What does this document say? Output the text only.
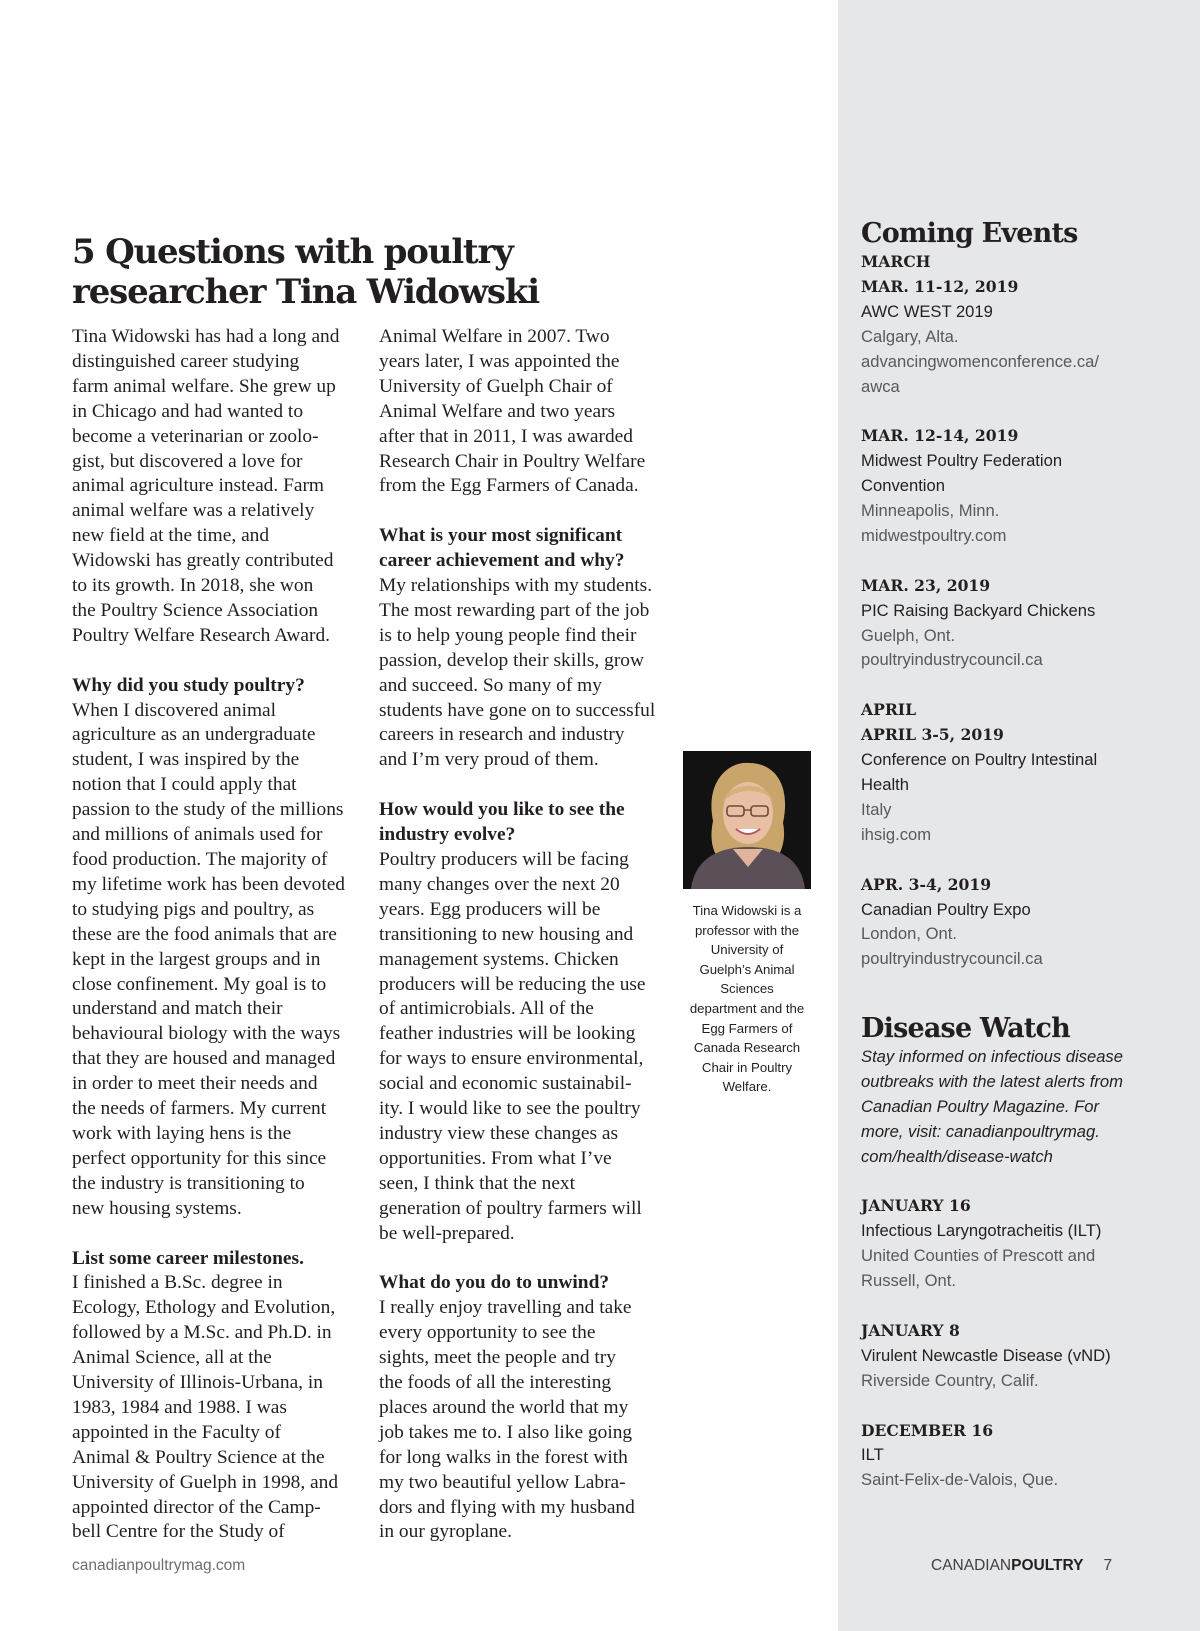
5 Questions with poultry
researcher Tina Widowski

Tina Widowski has had a long and
distinguished career studying
farm animal welfare. She grew up
in Chicago and had wanted to
become a veterinarian or zoolo-
gist, but discovered a love for
animal agriculture instead. Farm
animal welfare was a relatively
new field at the time, and
Widowski has greatly contributed
to its growth. In 2018, she won
the Poultry Science Association
Poultry Welfare Research Award.

Why did you study poultry?

When I discovered animal
agriculture as an undergraduate
student, I was inspired by the
notion that I could apply that
passion to the study of the millions
and millions of animals used for
food production. The majority of
my lifetime work has been devoted
to studying pigs and poultry, as
these are the food animals that are
kept in the largest groups and in
close confinement. My goal is to
understand and match their
behavioural biology with the ways
that they are housed and managed
in order to meet their needs and
the needs of farmers. My current
work with laying hens is the
perfect opportunity for this since
the industry is transitioning to
new housing systems.

List some career milestones.

I finished a B.Sc. degree in
Ecology, Ethology and Evolution,
followed by a M.Sc. and Ph.D. in
Animal Science, all at the
University of Illinois-Urbana, in
1983, 1984 and 1988. I was
appointed in the Faculty of
Animal & Poultry Science at the
University of Guelph in 1998, and
appointed director of the Camp-
bell Centre for the Study of

Animal Welfare in 2007. Two
years later, I was appointed the
University of Guelph Chair of
Animal Welfare and two years
after that in 2011, I was awarded
Research Chair in Poultry Welfare
from the Egg Farmers of Canada.

What is your most significant
career achievement and why?

My relationships with my students.
The most rewarding part of the job
is to help young people find their
passion, develop their skills, grow
and succeed. So many of my
students have gone on to successful
careers in research and industry
and I’m very proud of them.

How would you like to see the
industry evolve?

Poultry producers will be facing
many changes over the next 20
years. Egg producers will be
transitioning to new housing and
management systems. Chicken
producers will be reducing the use
of antimicrobials. All of the
feather industries will be looking
for ways to ensure environmental,
social and economic sustainabil-
ity. I would like to see the poultry
industry view these changes as
opportunities. From what I’ve
seen, I think that the next
generation of poultry farmers will
be well-prepared.

What do you do to unwind?

I really enjoy travelling and take
every opportunity to see the
sights, meet the people and try
the foods of all the interesting
places around the world that my
job takes me to. I also like going
for long walks in the forest with
my two beautiful yellow Labra-
dors and flying with my husband
in our gyroplane.

Tina Widowski is a
professor with the
University of
Guelph’s Animal
Sciences
department and the
Egg Farmers of
Canada Research
Chair in Poultry
Welfare.
Coming Events
MARCH
MAR. 11-12, 2019
AWC WEST 2019
Calgary, Alta.
advancingwomenconference.ca/
awca
MAR. 12-14, 2019
Midwest Poultry Federation
Convention
Minneapolis, Minn.
midwestpoultry.com
MAR. 23, 2019
PIC Raising Backyard Chickens
Guelph, Ont.
poultryindustrycouncil.ca
APRIL
APRIL 3-5, 2019
Conference on Poultry Intestinal
Health
Italy
ihsig.com
APR. 3-4, 2019
Canadian Poultry Expo
London, Ont.
poultryindustrycouncil.ca
Disease Watch
Stay informed on infectious disease
outbreaks with the latest alerts from
Canadian Poultry Magazine. For
more, visit: canadianpoultrymag.
com/health/disease-watch
JANUARY 16
Infectious Laryngotracheitis (ILT)
United Counties of Prescott and
Russell, Ont.
JANUARY 8
Virulent Newcastle Disease (vND)
Riverside Country, Calif.
DECEMBER 16
ILT
Saint-Felix-de-Valois, Que.
canadianpoultrymag.com	CANADIANPOULTRY 7
